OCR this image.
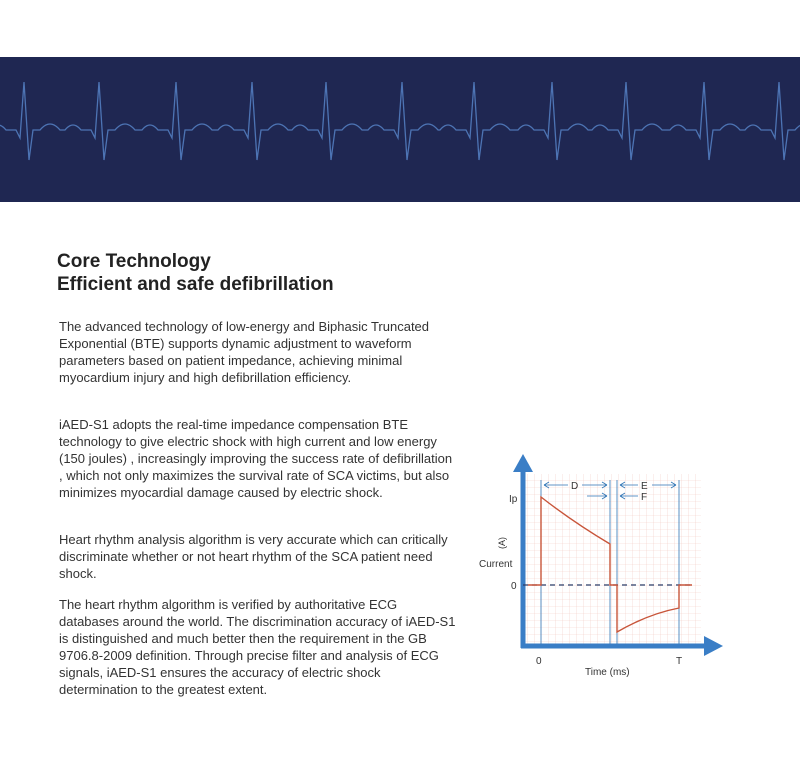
Core Technology
Efficient and safe defibrillation

The advanced technology of low-energy and Biphasic Truncated Exponential (BTE) supports dynamic adjustment to waveform parameters based on patient impedance, achieving minimal myocardium injury and high defibrillation efficiency.

iAED-S1 adopts the real-time impedance compensation BTE technology to give electric shock with high current and low energy (150 joules) , increasingly improving the success rate of defibrillation , which not only maximizes the survival rate of SCA victims, but also minimizes myocardial damage caused by electric shock.

Heart rhythm analysis algorithm is very accurate which can critically discriminate whether or not heart rhythm of the SCA patient need shock.

The heart rhythm algorithm is verified by authoritative ECG databases around the world. The discrimination accuracy of iAED-S1 is distinguished and much better then the requirement in the GB 9706.8-2009 definition. Through precise filter and analysis of ECG signals, iAED-S1 ensures the accuracy of electric shock determination to the greatest extent.

D	E
F
Ip
0
0	T
Time (ms)
Current
(A)
